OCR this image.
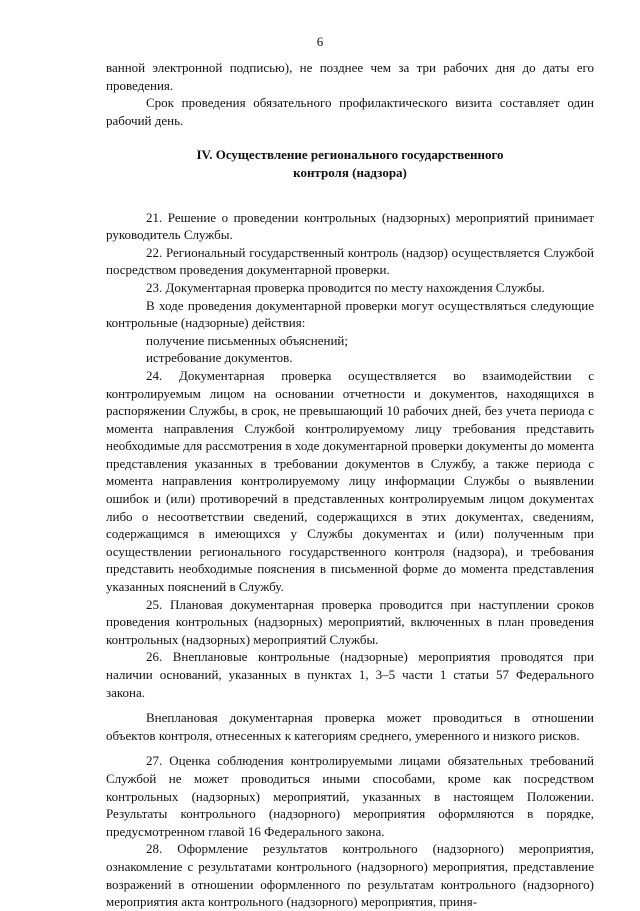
6

ванной электронной подписью), не позднее чем за три рабочих дня до даты его проведения.

Срок проведения обязательного профилактического визита составляет один рабочий день.

IV. Осуществление регионального государственного
контроля (надзора)

21. Решение о проведении контрольных (надзорных) мероприятий принимает руководитель Службы.

22. Региональный государственный контроль (надзор) осуществляется Службой посредством проведения документарной проверки.

23. Документарная проверка проводится по месту нахождения Службы.

В ходе проведения документарной проверки могут осуществляться следующие контрольные (надзорные) действия:

получение письменных объяснений;

истребование документов.

24. Документарная проверка осуществляется во взаимодействии с контролируемым лицом на основании отчетности и документов, находящихся в распоряжении Службы, в срок, не превышающий 10 рабочих дней, без учета периода с момента направления Службой контролируемому лицу требования представить необходимые для рассмотрения в ходе документарной проверки документы до момента представления указанных в требовании документов в Службу, а также периода с момента направления контролируемому лицу информации Службы о выявлении ошибок и (или) противоречий в представленных контролируемым лицом документах либо о несоответствии сведений, содержащихся в этих документах, сведениям, содержащимся в имеющихся у Службы документах и (или) полученным при осуществлении регионального государственного контроля (надзора), и требования представить необходимые пояснения в письменной форме до момента представления указанных пояснений в Службу.

25. Плановая документарная проверка проводится при наступлении сроков проведения контрольных (надзорных) мероприятий, включенных в план проведения контрольных (надзорных) мероприятий Службы.

26. Внеплановые контрольные (надзорные) мероприятия проводятся при наличии оснований, указанных в пунктах 1, 3–5 части 1 статьи 57 Федерального закона.

Внеплановая документарная проверка может проводиться в отношении объектов контроля, отнесенных к категориям среднего, умеренного и низкого рисков.

27. Оценка соблюдения контролируемыми лицами обязательных требований Службой не может проводиться иными способами, кроме как посредством контрольных (надзорных) мероприятий, указанных в настоящем Положении. Результаты контрольного (надзорного) мероприятия оформляются в порядке, предусмотренном главой 16 Федерального закона.

28. Оформление результатов контрольного (надзорного) мероприятия, ознакомление с результатами контрольного (надзорного) мероприятия, представление возражений в отношении оформленного по результатам контрольного (надзорного) мероприятия акта контрольного (надзорного) мероприятия, приня-
